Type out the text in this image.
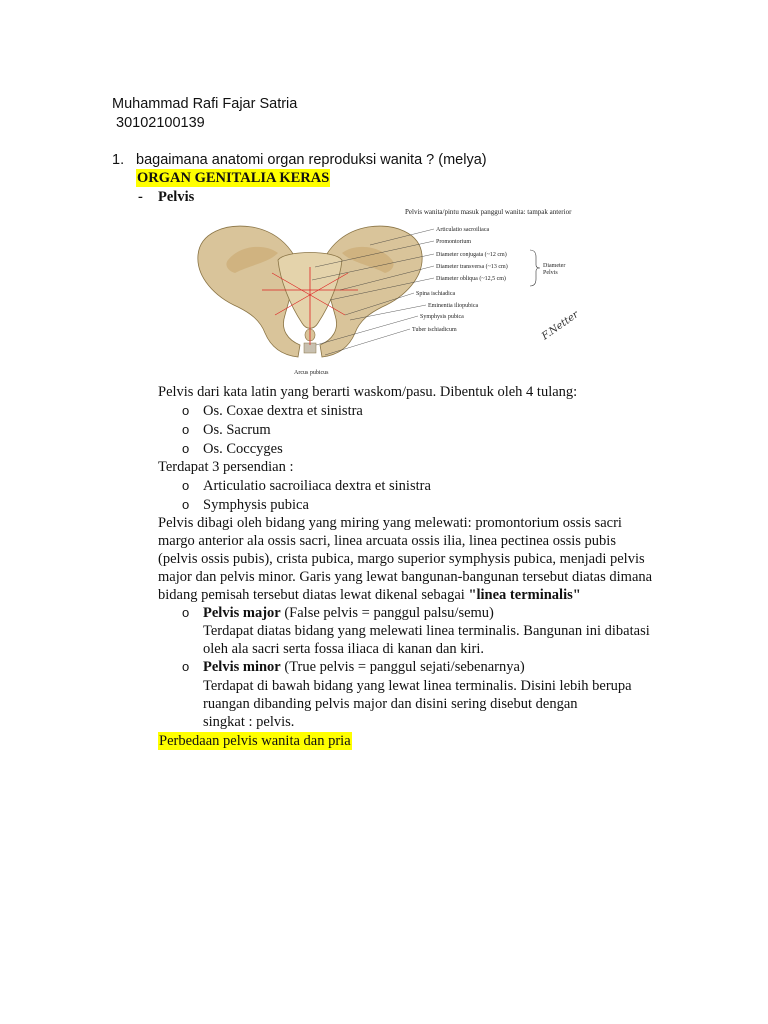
Muhammad Rafi Fajar Satria
30102100139
1. bagaimana anatomi organ reproduksi wanita ? (melya)
ORGAN GENITALIA KERAS
- Pelvis
Pelvis wanita/pintu masuk panggul wanita: tampak anterior
Articulatio sacroiliaca
Promontorium
Diameter conjugata (~12 cm)
Diameter transversa (~13 cm)
Diameter obliqua (~12,5 cm)
Spina ischiadica
Eminentia iliopubica
Symphysis pubica
Tuber ischiadicum
Diameter
Pelvis
Arcus pubicus
F.Netter
Pelvis dari kata latin yang berarti waskom/pasu. Dibentuk oleh 4 tulang:
o Os. Coxae dextra et sinistra
o Os. Sacrum
o Os. Coccyges
Terdapat 3 persendian :
o Articulatio sacroiliaca dextra et sinistra
o Symphysis pubica
Pelvis dibagi oleh bidang yang miring yang melewati: promontorium ossis sacri
margo anterior ala ossis sacri, linea arcuata ossis ilia, linea pectinea ossis pubis
(pelvis ossis pubis), crista pubica, margo superior symphysis pubica, menjadi pelvis
major dan pelvis minor. Garis yang lewat bangunan-bangunan tersebut diatas dimana
bidang pemisah tersebut diatas lewat dikenal sebagai "linea terminalis"
o Pelvis major (False pelvis = panggul palsu/semu)
Terdapat diatas bidang yang melewati linea terminalis. Bangunan ini dibatasi
oleh ala sacri serta fossa iliaca di kanan dan kiri.
o Pelvis minor (True pelvis = panggul sejati/sebenarnya)
Terdapat di bawah bidang yang lewat linea terminalis. Disini lebih berupa
ruangan dibanding pelvis major dan disini sering disebut dengan
singkat : pelvis.
Perbedaan pelvis wanita dan pria
